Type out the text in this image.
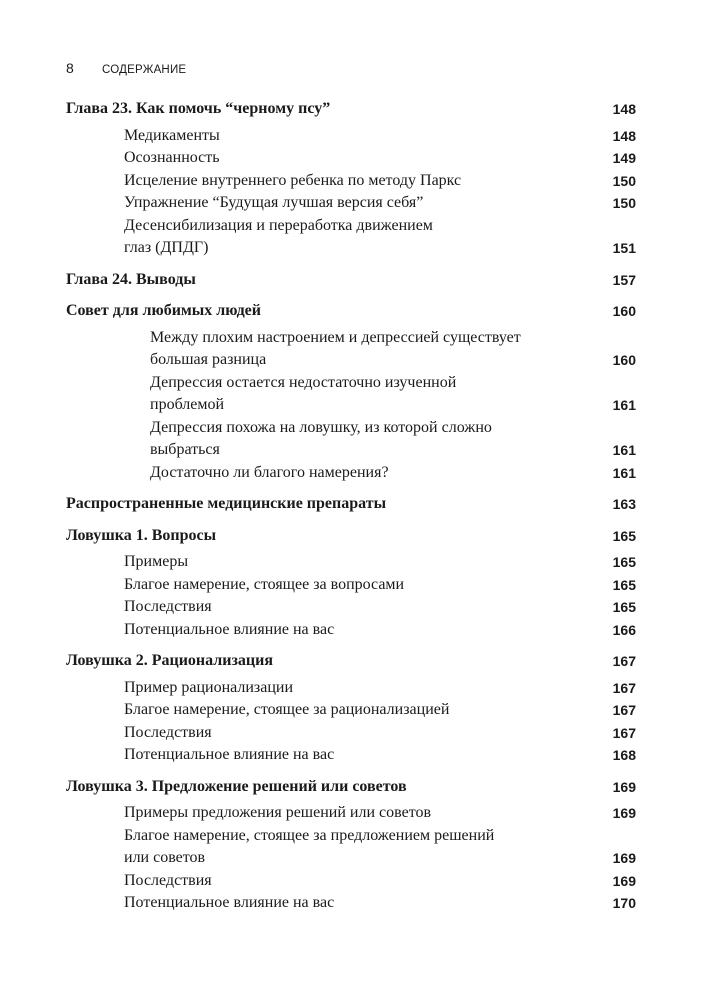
8	СОДЕРЖАНИЕ
Глава 23. Как помочь “черному псу”	148
Медикаменты	148
Осознанность	149
Исцеление внутреннего ребенка по методу Паркс	150
Упражнение “Будущая лучшая версия себя”	150
Десенсибилизация и переработка движением
глаз (ДПДГ)	151
Глава 24. Выводы	157
Совет для любимых людей	160
Между плохим настроением и депрессией существует
большая разница	160
Депрессия остается недостаточно изученной
проблемой	161
Депрессия похожа на ловушку, из которой сложно
выбраться	161
Достаточно ли благого намерения?	161
Распространенные медицинские препараты	163
Ловушка 1. Вопросы	165
Примеры	165
Благое намерение, стоящее за вопросами	165
Последствия	165
Потенциальное влияние на вас	166
Ловушка 2. Рационализация	167
Пример рационализации	167
Благое намерение, стоящее за рационализацией	167
Последствия	167
Потенциальное влияние на вас	168
Ловушка 3. Предложение решений или советов	169
Примеры предложения решений или советов	169
Благое намерение, стоящее за предложением решений
или советов	169
Последствия	169
Потенциальное влияние на вас	170
